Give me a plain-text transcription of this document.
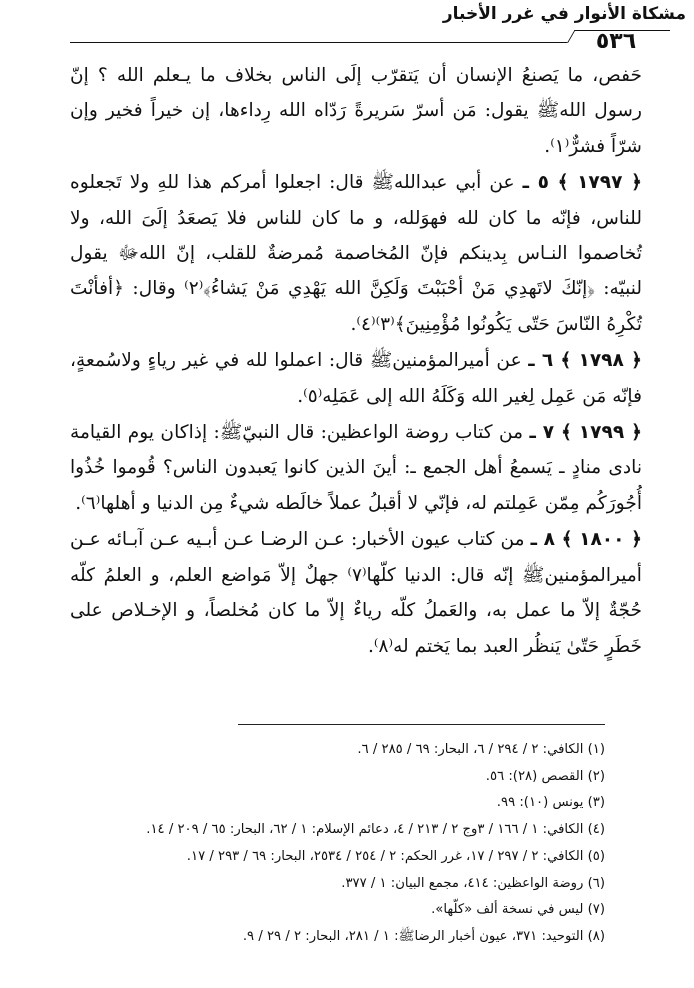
مشكاة الأنوار في غرر الأخبار
٥٣٦

حَفص، ما يَصنعُ الإنسان أن يَتقرّب إلَى الناس بخلاف ما يـعلم الله ؟ إنّ رسول اللهﷺ يقول: مَن أسرّ سَريرةً رَدّاه الله رِداءها، إن خيراً فخير وإن شرّاً فشرٌّ⁽١⁾.

﴿ ١٧٩٧ ﴾ ٥ ـ عن أبي عبداللهﷺ قال: اجعلوا أمركم هذا للهِ ولا تَجعلوه للناس، فإنّه ما كان لله فهوَلله، و ما كان للناس فلا يَصعَدُ إلَىَ الله، ولا تُخاصموا النـاس بِدينكم فإنّ المُخاصمة مُمرضةٌ للقلب، إنّ اللهﷻ يقول لنبيّه: ﴿إنّكَ لاتَهدِي مَنْ أحْبَبْتَ وَلَكِنَّ الله يَهْدِي مَنْ يَشاءُ﴾⁽٢⁾ وقال: ﴿أفأنْتَ تُكْرِهُ النّاسَ حَتّى يَكُونُوا مُؤْمِنِينَ﴾⁽٣⁾⁽٤⁾.

﴿ ١٧٩٨ ﴾ ٦ ـ عن أميرالمؤمنينﷺ قال: اعملوا لله في غير رياءٍ ولاسُمعةٍ، فإنّه مَن عَمِل لِغير الله وَكَلَهُ الله إلى عَمَلِه⁽٥⁾.

﴿ ١٧٩٩ ﴾ ٧ ـ من كتاب روضة الواعظين: قال النبيّﷺ: إذاكان يوم القيامة نادى منادٍ ـ يَسمعُ أهل الجمع ـ: أينَ الذين كانوا يَعبدون الناس؟ قُوموا خُذُوا أُجُورَكُم مِمّن عَمِلتم له، فإنّي لا أقبلُ عملاً خالَطه شيءٌ مِن الدنيا و أهلها⁽٦⁾.

﴿ ١٨٠٠ ﴾ ٨ ـ من كتاب عيون الأخبار: عـن الرضـا عـن أبـيه عـن آبـائه عـن أميرالمؤمنينﷺ إنّه قال: الدنيا كلّها⁽٧⁾ جهلٌ إلاّ مَواضع العلم، و العلمُ كلّه حُجّةٌ إلاّ ما عمل به، والعَملُ كلّه رياءٌ إلاّ ما كان مُخلصاً، و الإخـلاص على خَطَرٍ حَتّىٰ يَنظُر العبد بما يَختم له⁽٨⁾.

(١) الكافي: ٢ / ٢٩٤ / ٦، البحار: ٦٩ / ٢٨٥ / ٦.
(٢) القصص (٢٨): ٥٦.
(٣) يونس (١٠): ٩٩.
(٤) الكافي: ١ / ١٦٦ / ٣وج ٢ / ٢١٣ / ٤، دعائم الإسلام: ١ / ٦٢، البحار: ٦٥ / ٢٠٩ / ١٤.
(٥) الكافي: ٢ / ٢٩٧ / ١٧، غرر الحكم: ٢ / ٢٥٤ / ٢٥٣٤، البحار: ٦٩ / ٢٩٣ / ١٧.
(٦) روضة الواعظين: ٤١٤، مجمع البيان: ١ / ٣٧٧.
(٧) ليس في نسخة ألف «كلّها».
(٨) التوحيد: ٣٧١، عيون أخبار الرضاﷺ: ١ / ٢٨١، البحار: ٢ / ٢٩ / ٩.
